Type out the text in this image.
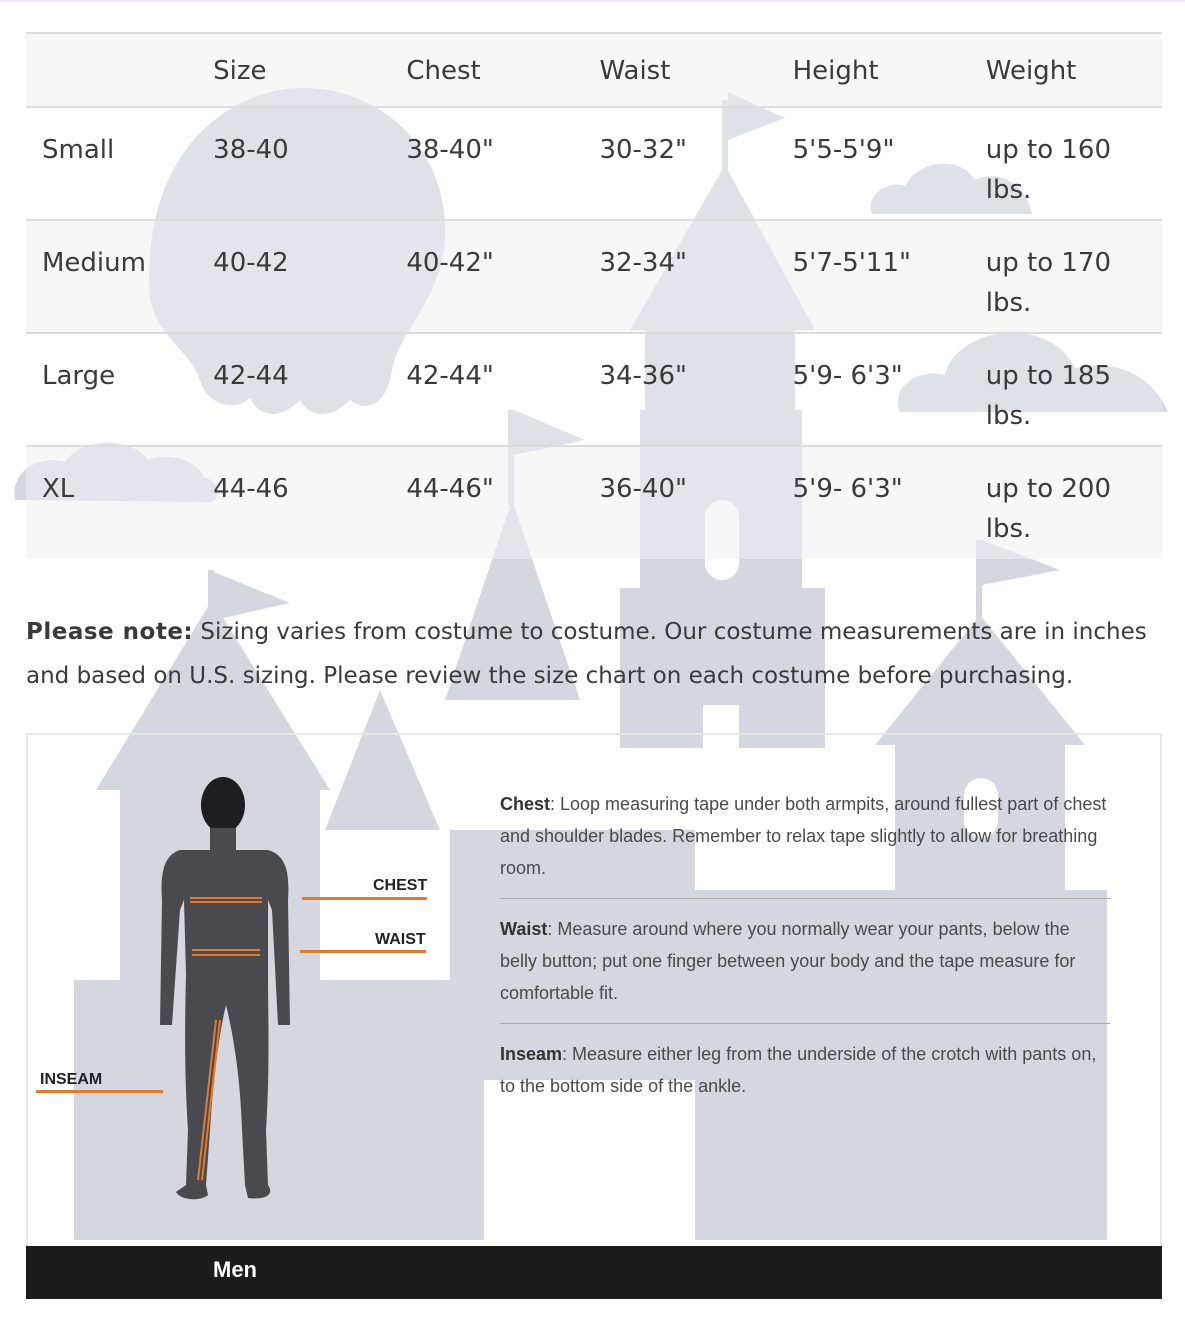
	Size	Chest	Waist	Height	Weight
Small	38-40	38-40"	30-32"	5'5-5'9"	up to 160 lbs.
Medium	40-42	40-42"	32-34"	5'7-5'11"	up to 170 lbs.
Large	42-44	42-44"	34-36"	5'9- 6'3"	up to 185 lbs.
XL	44-46	44-46"	36-40"	5'9- 6'3"	up to 200 lbs.
Please note: Sizing varies from costume to costume. Our costume measurements are in inches and based on U.S. sizing. Please review the size chart on each costume before purchasing.
CHEST
WAIST
INSEAM
Chest: Loop measuring tape under both armpits, around fullest part of chest and shoulder blades. Remember to relax tape slightly to allow for breathing room.
Waist: Measure around where you normally wear your pants, below the belly button; put one finger between your body and the tape measure for comfortable fit.
Inseam: Measure either leg from the underside of the crotch with pants on, to the bottom side of the ankle.
Men
